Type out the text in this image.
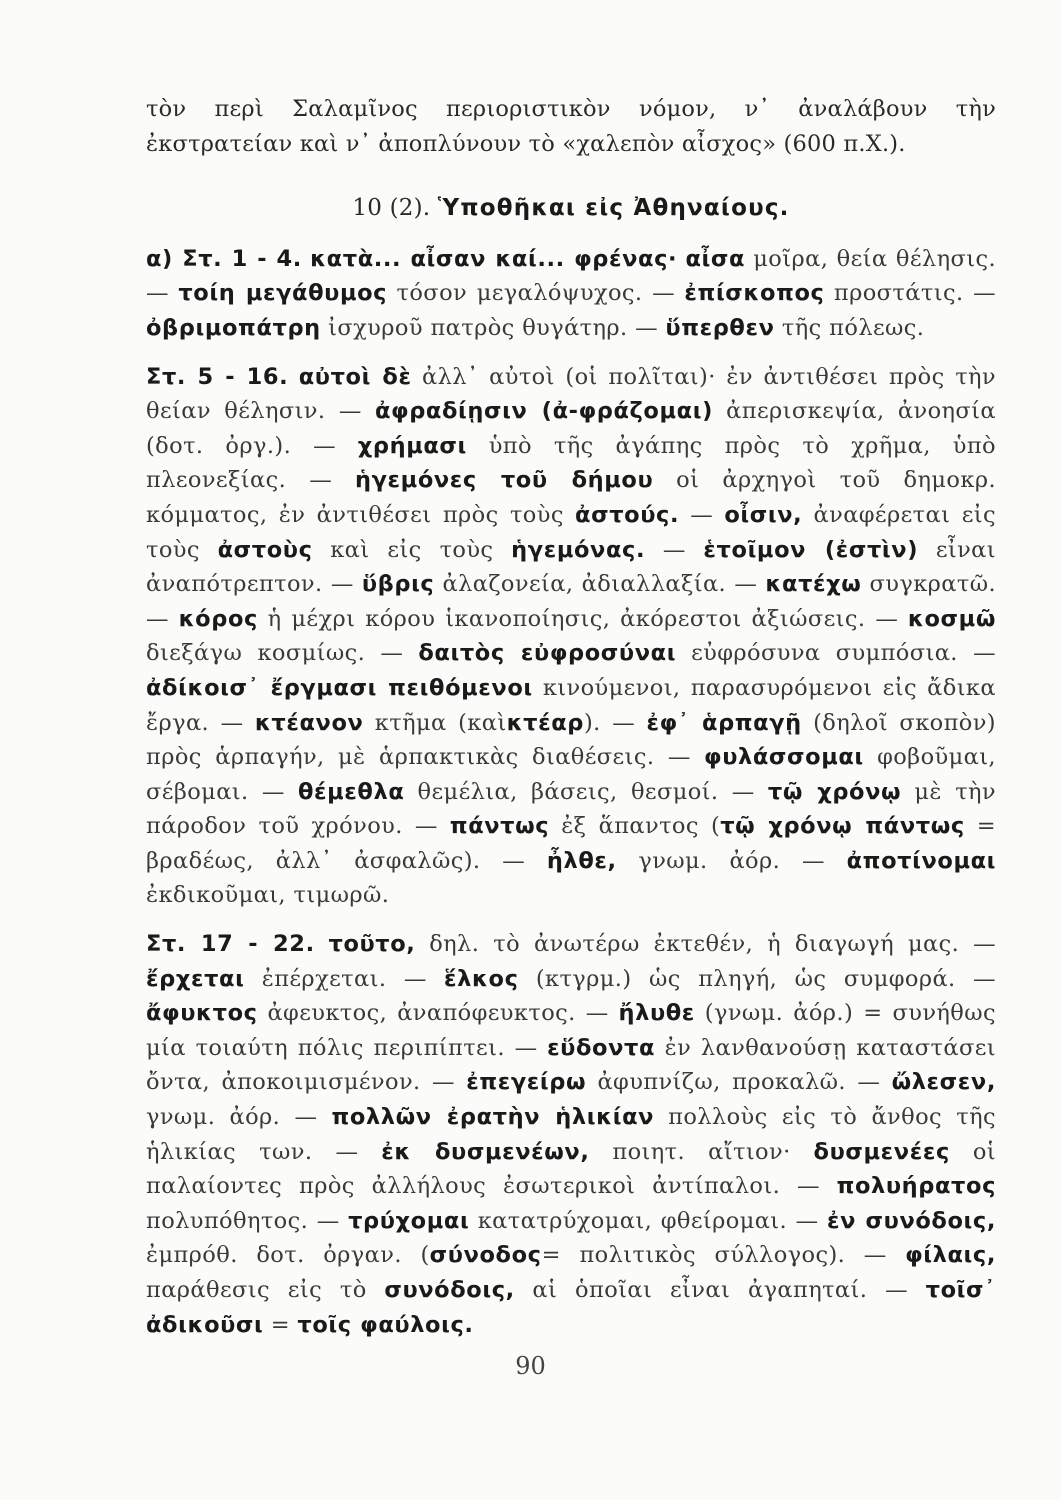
τὸν περὶ Σαλαμῖνος περιοριστικὸν νόμον, ν᾽ ἀναλάβουν τὴν ἐκστρατείαν καὶ ν᾽ ἀποπλύνουν τὸ «χαλεπὸν αἶσχος» (600 π.Χ.).

10 (2). Ὑποθῆκαι εἰς Ἀθηναίους.

α) Στ. 1 - 4. κατὰ... αἶσαν καί... φρένας· αἶσα μοῖρα, θεία θέλησις. — τοίη μεγάθυμος τόσον μεγαλόψυχος. — ἐπίσκοπος προστάτις. — ὀβριμοπάτρη ἰσχυροῦ πατρὸς θυγάτηρ. — ὕπερθεν τῆς πόλεως.

Στ. 5 - 16. αὐτοὶ δὲ ἀλλ᾽ αὐτοὶ (οἱ πολῖται)· ἐν ἀντιθέσει πρὸς τὴν θείαν θέλησιν. — ἀφραδίῃσιν (ἀ-φράζομαι) ἀπερισκεψία, ἀνοησία (δοτ. ὀργ.). — χρήμασι ὑπὸ τῆς ἀγάπης πρὸς τὸ χρῆμα, ὑπὸ πλεονεξίας. — ἡγεμόνες τοῦ δήμου οἱ ἀρχηγοὶ τοῦ δημοκρ. κόμματος, ἐν ἀντιθέσει πρὸς τοὺς ἀστούς. — οἶσιν, ἀναφέρεται εἰς τοὺς ἀστοὺς καὶ εἰς τοὺς ἡγεμόνας. — ἑτοῖμον (ἐστὶν) εἶναι ἀναπότρεπτον. — ὕβρις ἀλαζονεία, ἀδιαλλαξία. — κατέχω συγκρατῶ. — κόρος ἡ μέχρι κόρου ἱκανοποίησις, ἀκόρεστοι ἀξιώσεις. — κοσμῶ διεξάγω κοσμίως. — δαιτὸς εὐφροσύναι εὐφρόσυνα συμπόσια. — ἀδίκοισ᾽ ἔργμασι πειθόμενοι κινούμενοι, παρασυρόμενοι εἰς ἄδικα ἔργα. — κτέανον κτῆμα (καὶκτέαρ). — ἐφ᾽ ἁρπαγῇ (δηλοῖ σκοπὸν) πρὸς ἁρπαγήν, μὲ ἁρπακτικὰς διαθέσεις. — φυλάσσομαι φοβοῦμαι, σέβομαι. — θέμεθλα θεμέλια, βάσεις, θεσμοί. — τῷ χρόνῳ μὲ τὴν πάροδον τοῦ χρόνου. — πάντως ἐξ ἅπαντος (τῷ χρόνῳ πάντως = βραδέως, ἀλλ᾽ ἀσφαλῶς). — ἦλθε, γνωμ. ἀόρ. — ἀποτίνομαι ἐκδικοῦμαι, τιμωρῶ.

Στ. 17 - 22. τοῦτο, δηλ. τὸ ἀνωτέρω ἐκτεθέν, ἡ διαγωγή μας. — ἔρχεται ἐπέρχεται. — ἕλκος (κτγρμ.) ὡς πληγή, ὡς συμφορά. — ἄφυκτος ἀφευκτος, ἀναπόφευκτος. — ἤλυθε (γνωμ. ἀόρ.) = συνήθως μία τοιαύτη πόλις περιπίπτει. — εὕδοντα ἐν λανθανούσῃ καταστάσει ὄντα, ἀποκοιμισμένον. — ἐπεγείρω ἀφυπνίζω, προκαλῶ. — ὤλεσεν, γνωμ. ἀόρ. — πολλῶν ἐρατὴν ἡλικίαν πολλοὺς εἰς τὸ ἄνθος τῆς ἡλικίας των. — ἐκ δυσμενέων, ποιητ. αἴτιον· δυσμενέες οἱ παλαίοντες πρὸς ἀλλήλους ἐσωτερικοὶ ἀντίπαλοι. — πολυήρατος πολυπόθητος. — τρύχομαι κατατρύχομαι, φθείρομαι. — ἐν συνόδοις, ἐμπρόθ. δοτ. ὀργαν. (σύνοδος= πολιτικὸς σύλλογος). — φίλαις, παράθεσις εἰς τὸ συνόδοις, αἱ ὁποῖαι εἶναι ἀγαπηταί. — τοῖσ᾽ ἀδικοῦσι = τοῖς φαύλοις.

90
